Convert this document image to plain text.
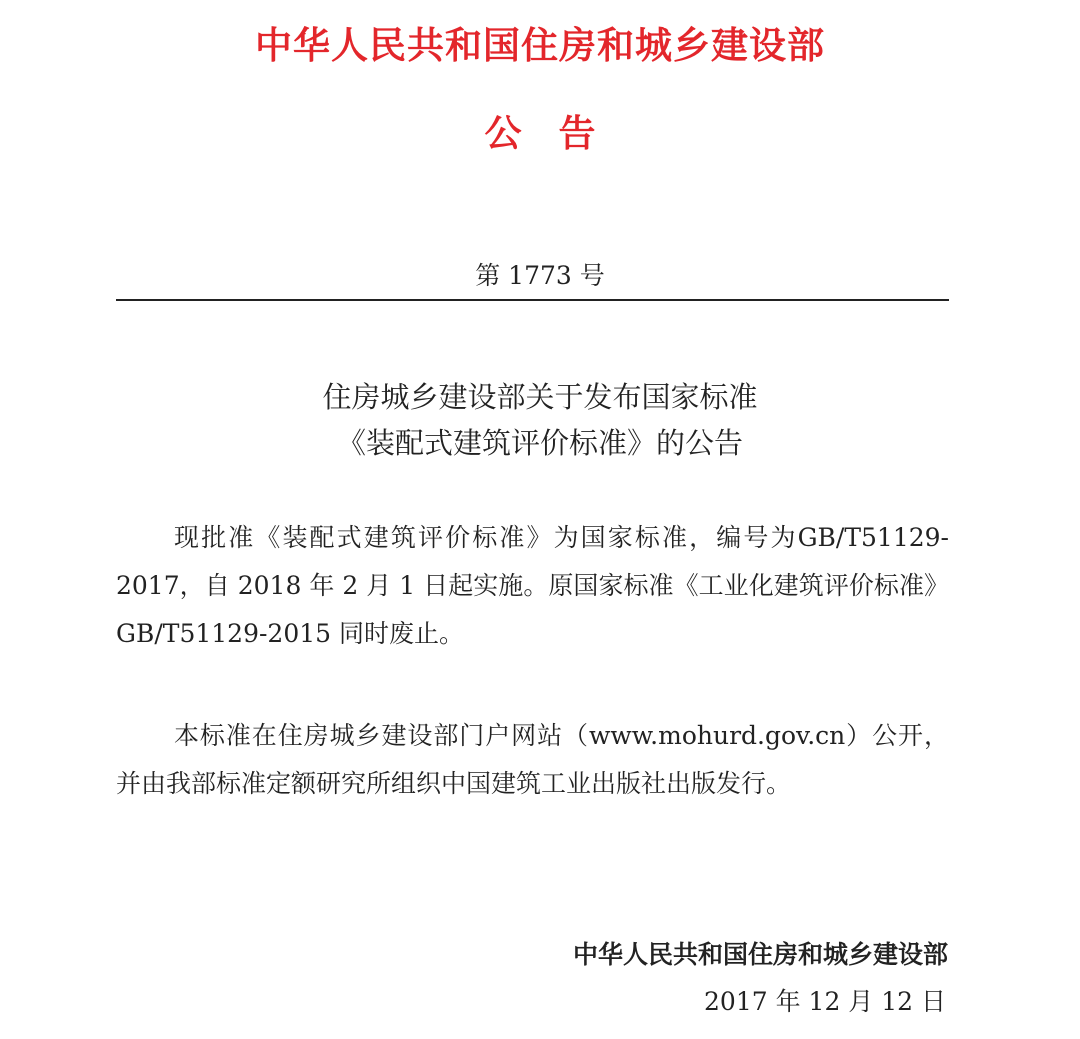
中华人民共和国住房和城乡建设部
公　告
第 1773 号
住房城乡建设部关于发布国家标准
《装配式建筑评价标准》的公告
现批准《装配式建筑评价标准》为国家标准，编号为GB/T51129-2017，自 2018 年 2 月 1 日起实施。原国家标准《工业化建筑评价标准》GB/T51129-2015 同时废止。
本标准在住房城乡建设部门户网站（www.mohurd.gov.cn）公开，并由我部标准定额研究所组织中国建筑工业出版社出版发行。
中华人民共和国住房和城乡建设部
2017 年 12 月 12 日
